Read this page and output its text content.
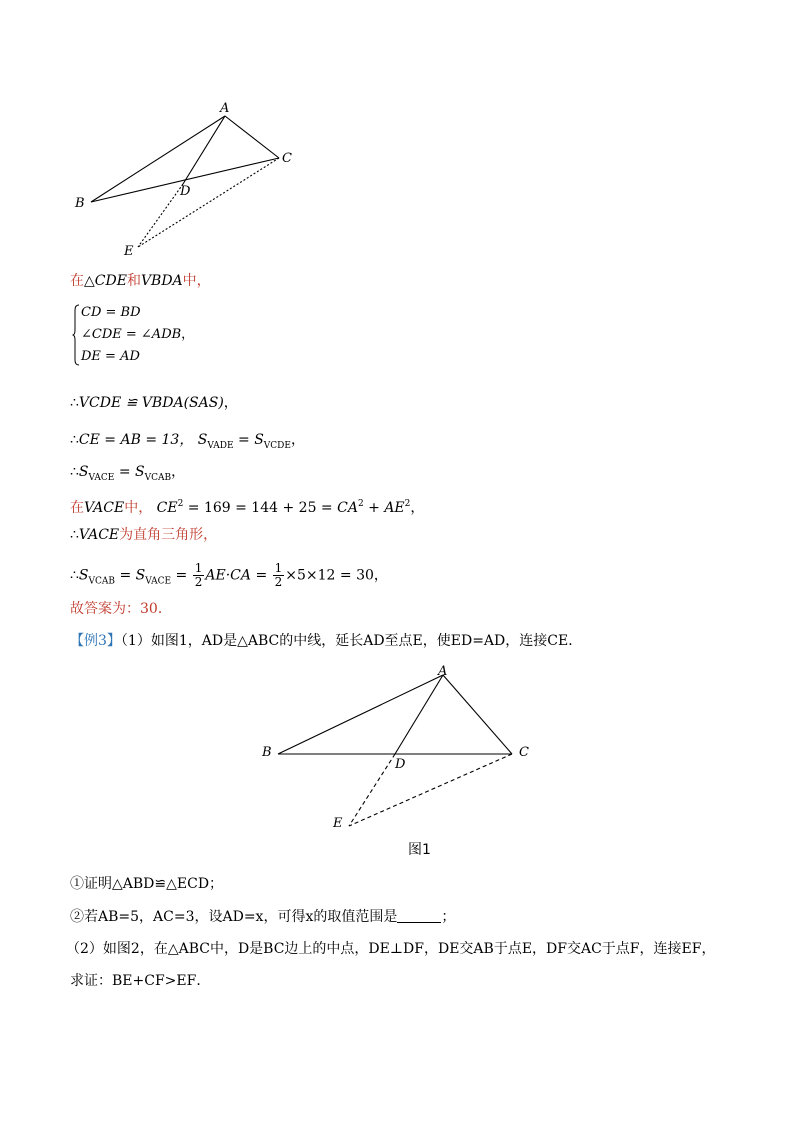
A
C
B
D
E
在△CDE和VBDA中，
CD = BD
∠CDE = ∠ADB，
DE = AD
∴VCDE ≌ VBDA(SAS)，
∴CE = AB = 13， $S_{VADE} = S_{VCDE}$，
$\therefore S_{VACE} = S_{VCAB}$，
在VACE中， $CE^2 = 169 = 144 + 25 = CA^2 + AE^2$，
∴VACE为直角三角形，
$\therefore S_{VCAB} = S_{VACE} = \frac{1}{2} AE\cdot CA = \frac{1}{2} \times 5\times 12 = 30$，
故答案为：30．
【例3】（1）如图1，AD是△ABC的中线，延长AD至点E，使ED=AD，连接CE．
A
B	C
D
E
图1
①证明△ABD≌△ECD；
②若AB=5，AC=3，设AD=x，可得x的取值范围是	；
（2）如图2，在△ABC中，D是BC边上的中点，DE⊥DF，DE交AB于点E，DF交AC于点F，连接EF，
求证：BE+CF>EF．
